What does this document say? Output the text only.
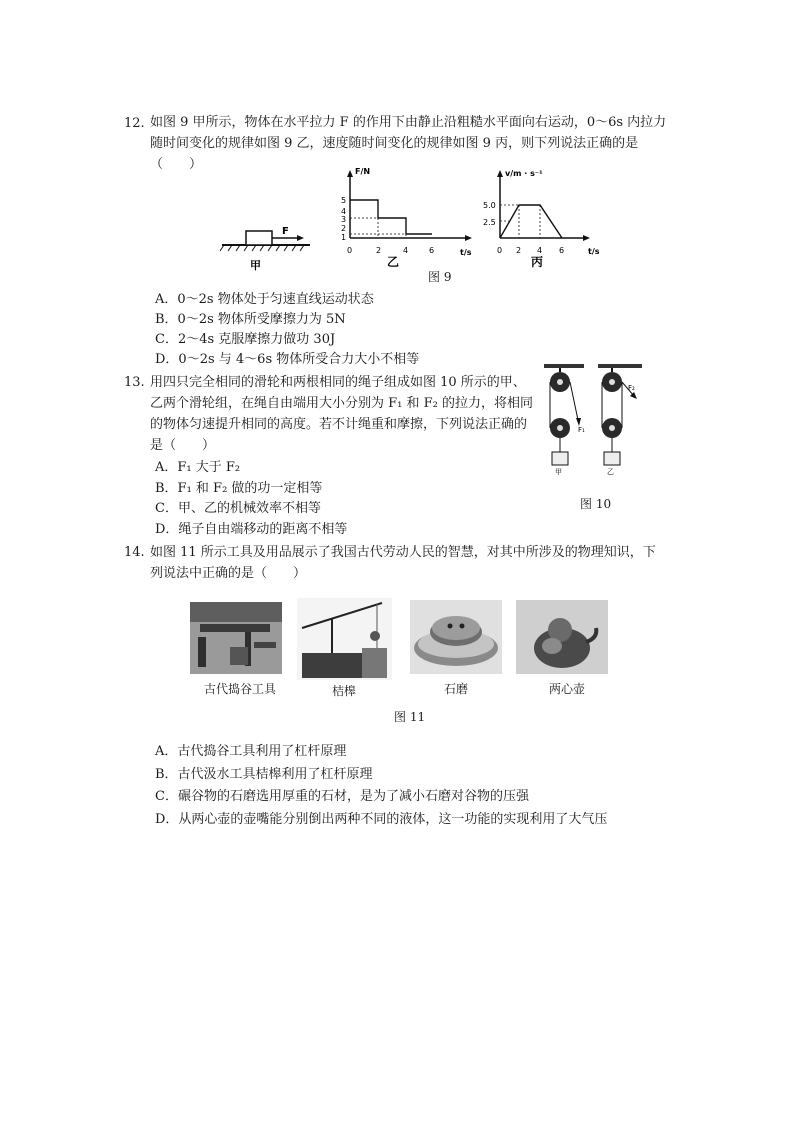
12. 如图 9 甲所示，物体在水平拉力 F 的作用下由静止沿粗糙水平面向右运动，0～6s 内拉力随时间变化的规律如图 9 乙，速度随时间变化的规律如图 9 丙，则下列说法正确的是
（　　）
F
甲
F/N
t/s
1
2
3
4
5
0	2	4	6
乙
v/m · s⁻¹
t/s
2.5
5.0
0 2 4 6
丙
图 9
A．0～2s 物体处于匀速直线运动状态
B．0～2s 物体所受摩擦力为 5N
C．2～4s 克服摩擦力做功 30J
D．0～2s 与 4～6s 物体所受合力大小不相等
13. 用四只完全相同的滑轮和两根相同的绳子组成如图 10 所示的甲、
乙两个滑轮组，在绳自由端用大小分别为 F₁ 和 F₂ 的拉力，将相同
的物体匀速提升相同的高度。若不计绳重和摩擦，下列说法正确的
是（　　）
A．F₁ 大于 F₂
B．F₁ 和 F₂ 做的功一定相等
C．甲、乙的机械效率不相等
D．绳子自由端移动的距离不相等
F₁
甲
F₂
乙
图 10
14. 如图 11 所示工具及用品展示了我国古代劳动人民的智慧，对其中所涉及的物理知识，下
列说法中正确的是（　　）
古代捣谷工具	桔槔	石磨	两心壶
图 11
A．古代捣谷工具利用了杠杆原理
B．古代汲水工具桔槔利用了杠杆原理
C．碾谷物的石磨选用厚重的石材，是为了减小石磨对谷物的压强
D．从两心壶的壶嘴能分别倒出两种不同的液体，这一功能的实现利用了大气压
